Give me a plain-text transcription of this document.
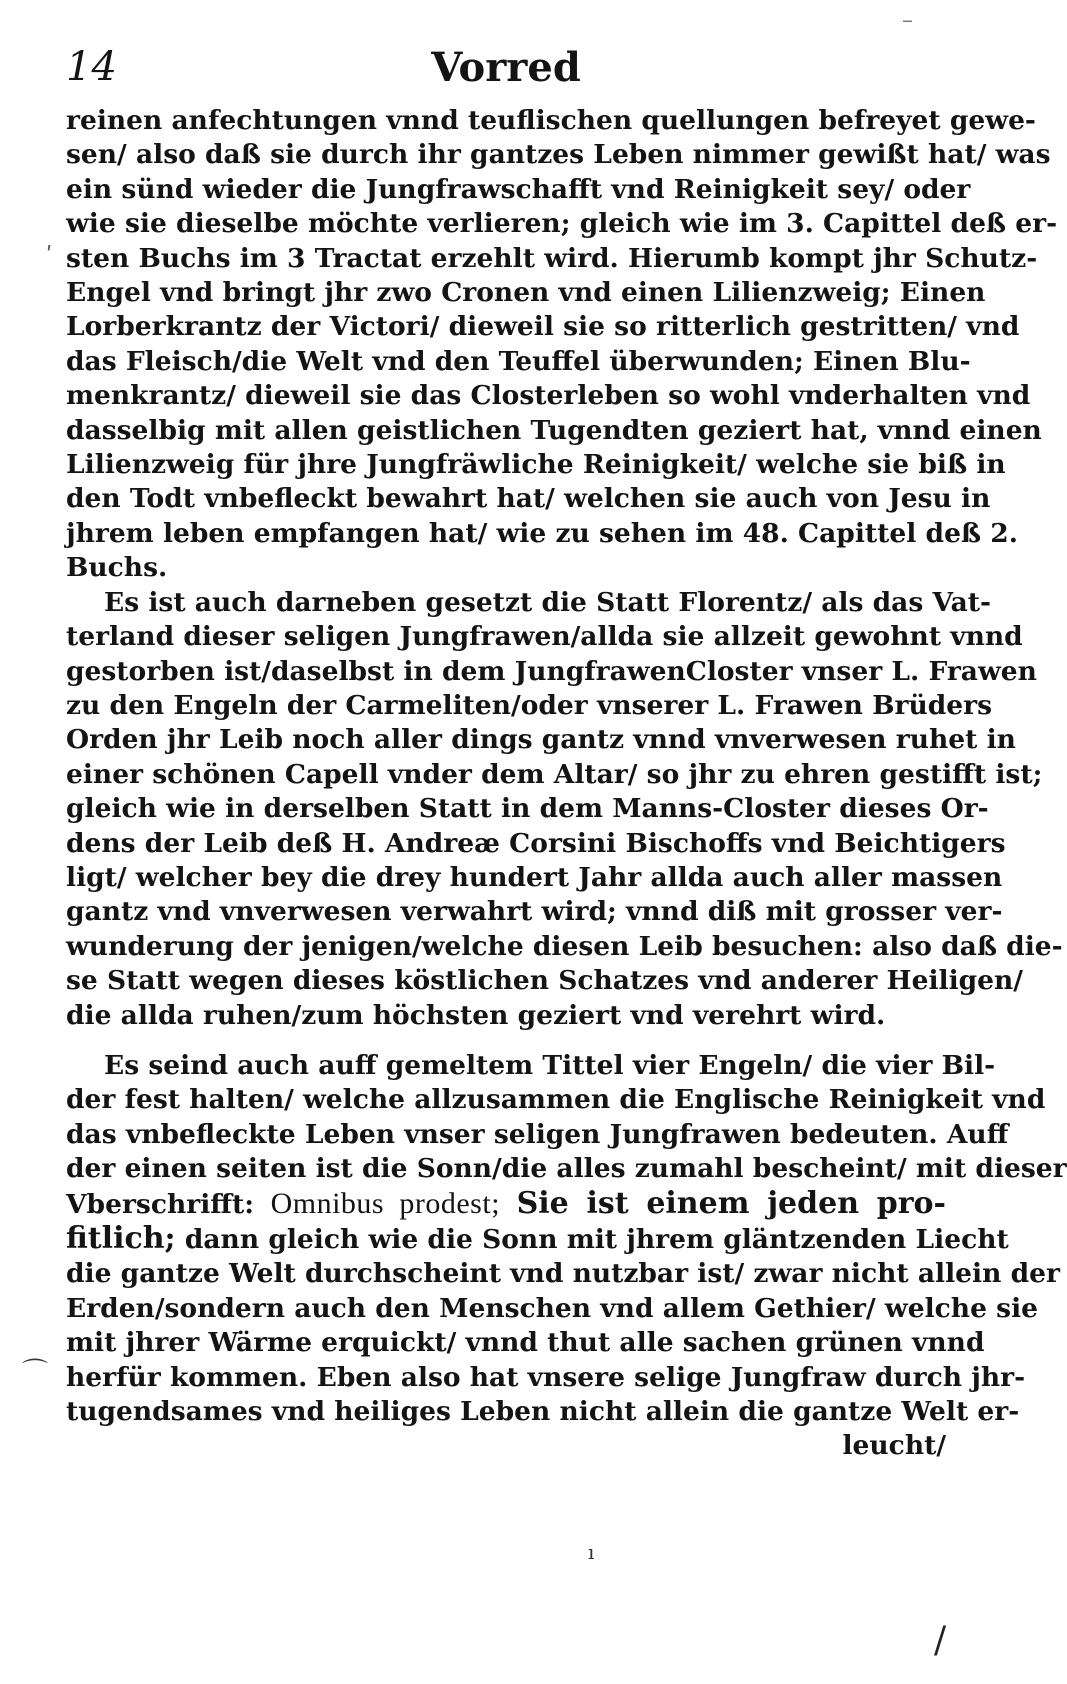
–
ʹ
14	Vorred
reinen anfechtungen vnnd teuflischen quellungen befreyet gewe-
sen/ also daß sie durch ihr gantzes Leben nimmer gewißt hat/ was
ein sünd wieder die Jungfrawschafft vnd Reinigkeit sey/ oder
wie sie dieselbe möchte verlieren; gleich wie im 3. Capittel deß er-
sten Buchs im 3 Tractat erzehlt wird. Hierumb kompt jhr Schutz-
Engel vnd bringt jhr zwo Cronen vnd einen Lilienzweig; Einen
Lorberkrantz der Victori/ dieweil sie so ritterlich gestritten/ vnd
das Fleisch/die Welt vnd den Teuffel überwunden; Einen Blu-
menkrantz/ dieweil sie das Closterleben so wohl vnderhalten vnd
dasselbig mit allen geistlichen Tugendten geziert hat, vnnd einen
Lilienzweig für jhre Jungfräwliche Reinigkeit/ welche sie biß in
den Todt vnbefleckt bewahrt hat/ welchen sie auch von Jesu in
jhrem leben empfangen hat/ wie zu sehen im 48. Capittel deß 2.
Buchs.
Es ist auch darneben gesetzt die Statt Florentz/ als das Vat-
terland dieser seligen Jungfrawen/allda sie allzeit gewohnt vnnd
gestorben ist/daselbst in dem JungfrawenCloster vnser L. Frawen
zu den Engeln der Carmeliten/oder vnserer L. Frawen Brüders
Orden jhr Leib noch aller dings gantz vnnd vnverwesen ruhet in
einer schönen Capell vnder dem Altar/ so jhr zu ehren gestifft ist;
gleich wie in derselben Statt in dem Manns-Closter dieses Or-
dens der Leib deß H. Andreæ Corsini Bischoffs vnd Beichtigers
ligt/ welcher bey die drey hundert Jahr allda auch aller massen
gantz vnd vnverwesen verwahrt wird; vnnd diß mit grosser ver-
wunderung der jenigen/welche diesen Leib besuchen: also daß die-
se Statt wegen dieses köstlichen Schatzes vnd anderer Heiligen/
die allda ruhen/zum höchsten geziert vnd verehrt wird.
Es seind auch auff gemeltem Tittel vier Engeln/ die vier Bil-
der fest halten/ welche allzusammen die Englische Reinigkeit vnd
das vnbefleckte Leben vnser seligen Jungfrawen bedeuten. Auff
der einen seiten ist die Sonn/die alles zumahl bescheint/ mit dieser
Vberschrifft: Omnibus prodest; Sie ist einem jeden pro-
fitlich; dann gleich wie die Sonn mit jhrem gläntzenden Liecht
die gantze Welt durchscheint vnd nutzbar ist/ zwar nicht allein der
Erden/sondern auch den Menschen vnd allem Gethier/ welche sie
mit jhrer Wärme erquickt/ vnnd thut alle sachen grünen vnnd
herfür kommen. Eben also hat vnsere selige Jungfraw durch jhr-
tugendsames vnd heiliges Leben nicht allein die gantze Welt er-
leucht/
⌒
ı
/
